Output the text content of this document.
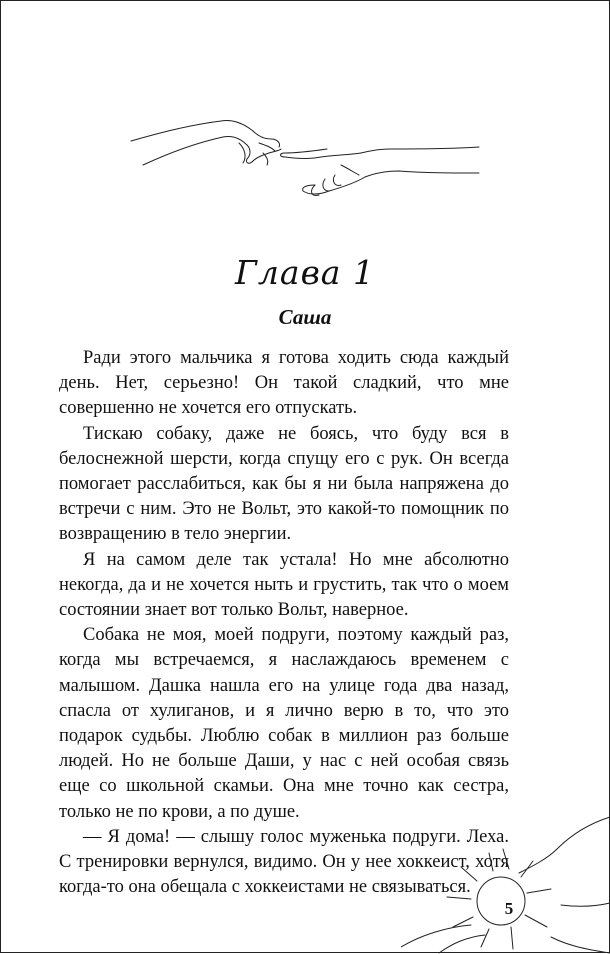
Глава 1
Саша

Ради этого мальчика я готова ходить сюда каждый день. Нет, серьезно! Он такой сладкий, что мне совершенно не хочется его отпускать.

Тискаю собаку, даже не боясь, что буду вся в белоснежной шерсти, когда спущу его с рук. Он всегда помогает расслабиться, как бы я ни была напряжена до встречи с ним. Это не Вольт, это какой-то помощник по возвращению в тело энергии.

Я на самом деле так устала! Но мне абсолютно некогда, да и не хочется ныть и грустить, так что о моем состоянии знает вот только Вольт, наверное.

Собака не моя, моей подруги, поэтому каждый раз, когда мы встречаемся, я наслаждаюсь временем с малышом. Дашка нашла его на улице года два назад, спасла от хулиганов, и я лично верю в то, что это подарок судьбы. Люблю собак в миллион раз больше людей. Но не больше Даши, у нас с ней особая связь еще со школьной скамьи. Она мне точно как сестра, только не по крови, а по душе.

— Я дома! — слышу голос муженька подруги. Леха. С тренировки вернулся, видимо. Он у нее хоккеист, хотя когда-то она обещала с хоккеистами не связываться.

5
